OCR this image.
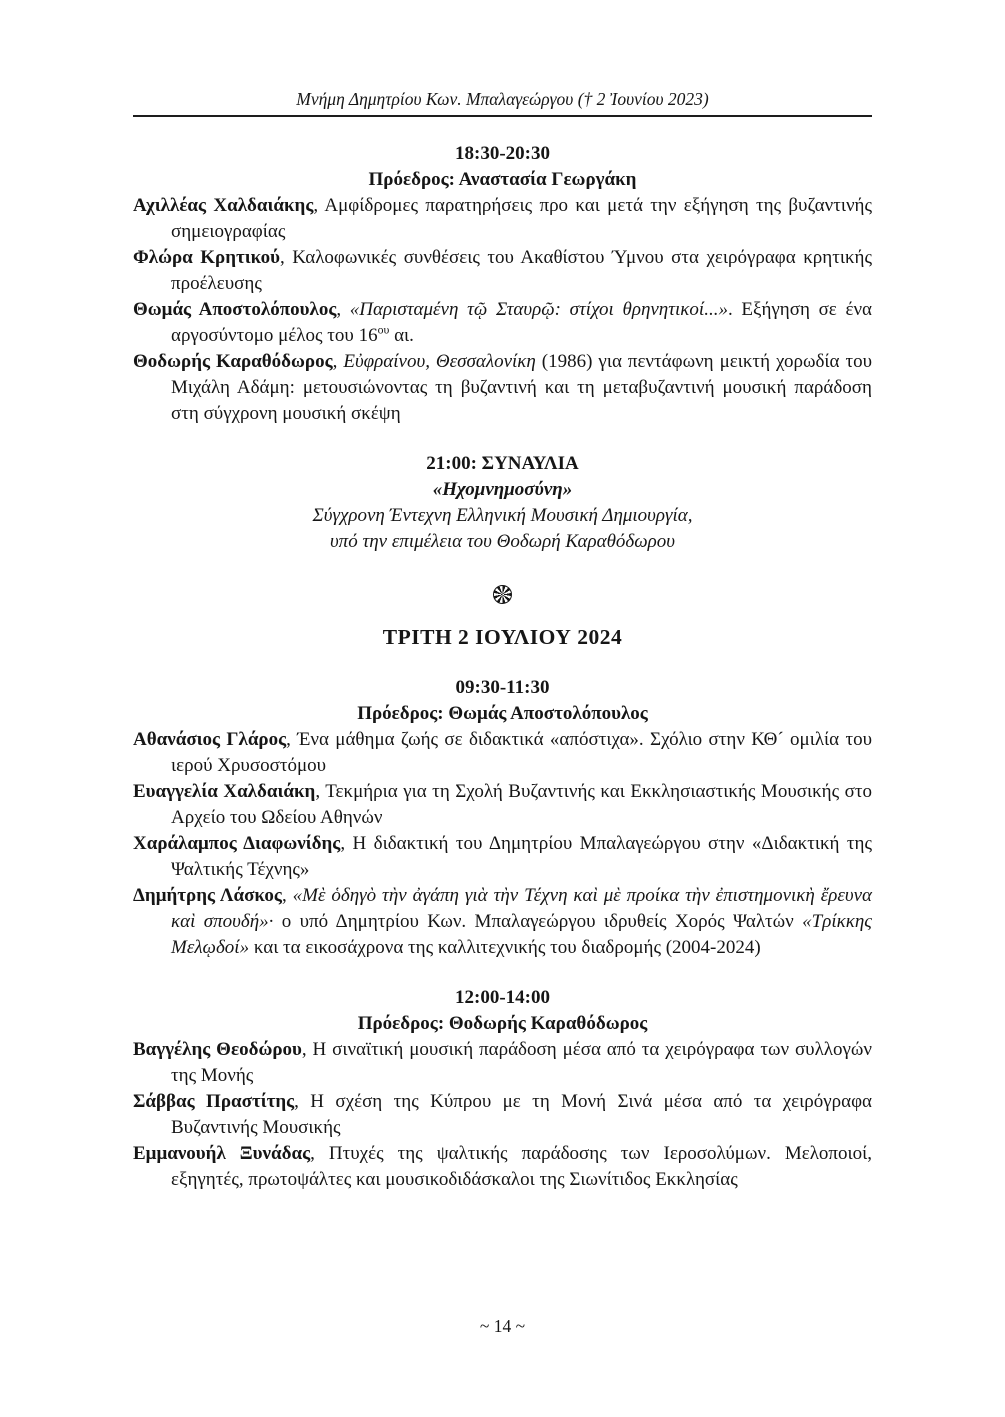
Μνήμη Δημητρίου Κων. Μπαλαγεώργου († 2 Ἰουνίου 2023)
18:30-20:30
Πρόεδρος: Αναστασία Γεωργάκη

Αχιλλέας Χαλδαιάκης, Αμφίδρομες παρατηρήσεις προ και μετά την εξήγηση της βυζαντινής σημειογραφίας

Φλώρα Κρητικού, Καλοφωνικές συνθέσεις του Ακαθίστου Ύμνου στα χειρόγραφα κρητικής προέλευσης

Θωμάς Αποστολόπουλος, «Παρισταμένη τῷ Σταυρῷ: στίχοι θρηνητικοί...». Εξήγηση σε ένα αργοσύντομο μέλος του $16^{o\upsilon}$ αι.

Θοδωρής Καραθόδωρος, Εὐφραίνου, Θεσσαλονίκη (1986) για πεντάφωνη μεικτή χορωδία του Μιχάλη Αδάμη: μετουσιώνοντας τη βυζαντινή και τη μεταβυζαντινή μουσική παράδοση στη σύγχρονη μουσική σκέψη

21:00: ΣΥΝΑΥΛΙΑ
«Ηχομνημοσύνη»
Σύγχρονη Έντεχνη Ελληνική Μουσική Δημιουργία,
υπό την επιμέλεια του Θοδωρή Καραθόδωρου
ΤΡΙΤΗ 2 ΙΟΥΛΙΟΥ 2024
09:30-11:30
Πρόεδρος: Θωμάς Αποστολόπουλος

Αθανάσιος Γλάρος, Ένα μάθημα ζωής σε διδακτικά «απόστιχα». Σχόλιο στην ΚΘ´ ομιλία του ιερού Χρυσοστόμου

Ευαγγελία Χαλδαιάκη, Τεκμήρια για τη Σχολή Βυζαντινής και Εκκλησιαστικής Μουσικής στο Αρχείο του Ωδείου Αθηνών

Χαράλαμπος Διαφωνίδης, Η διδακτική του Δημητρίου Μπαλαγεώργου στην «Διδακτική της Ψαλτικής Τέχνης»

Δημήτρης Λάσκος, «Μὲ ὁδηγὸ τὴν ἀγάπη γιὰ τὴν Τέχνη καὶ μὲ προίκα τὴν ἐπιστημονικὴ ἔρευνα καὶ σπουδή»· ο υπό Δημητρίου Κων. Μπαλαγεώργου ιδρυθείς Χορός Ψαλτών «Τρίκκης Μελῳδοί» και τα εικοσάχρονα της καλλιτεχνικής του διαδρομής (2004-2024)

12:00-14:00
Πρόεδρος: Θοδωρής Καραθόδωρος

Βαγγέλης Θεοδώρου, Η σιναϊτική μουσική παράδοση μέσα από τα χειρόγραφα των συλλογών της Μονής

Σάββας Πραστίτης, Η σχέση της Κύπρου με τη Μονή Σινά μέσα από τα χειρόγραφα Βυζαντινής Μουσικής

Εμμανουήλ Ξυνάδας, Πτυχές της ψαλτικής παράδοσης των Ιεροσολύμων. Μελοποιοί, εξηγητές, πρωτοψάλτες και μουσικοδιδάσκαλοι της Σιωνίτιδος Εκκλησίας

~ 14 ~
